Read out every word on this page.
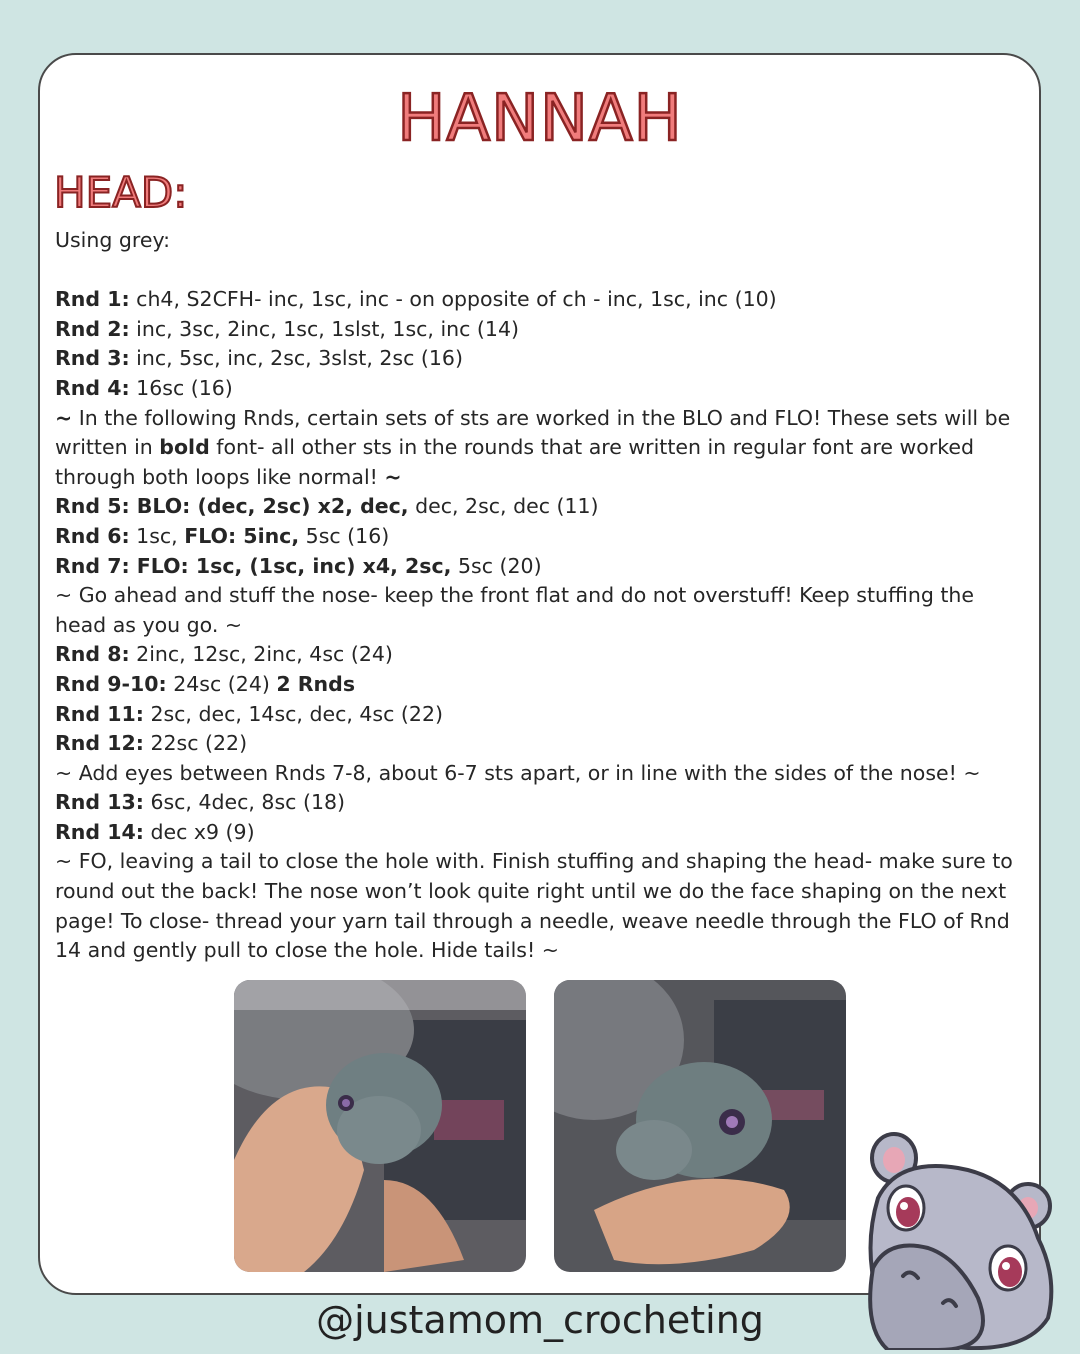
HANNAH
HEAD:

Using grey:

Rnd 1: ch4, S2CFH- inc, 1sc, inc - on opposite of ch - inc, 1sc, inc (10)

Rnd 2: inc, 3sc, 2inc, 1sc, 1slst, 1sc, inc (14)

Rnd 3: inc, 5sc, inc, 2sc, 3slst, 2sc (16)

Rnd 4: 16sc (16)

~ In the following Rnds, certain sets of sts are worked in the BLO and FLO! These sets will be written in bold font- all other sts in the rounds that are written in regular font are worked through both loops like normal! ~

Rnd 5: BLO: (dec, 2sc) x2, dec, dec, 2sc, dec (11)

Rnd 6: 1sc, FLO: 5inc, 5sc (16)

Rnd 7: FLO: 1sc, (1sc, inc) x4, 2sc, 5sc (20)

~ Go ahead and stuff the nose- keep the front flat and do not overstuff! Keep stuffing the head as you go. ~

Rnd 8: 2inc, 12sc, 2inc, 4sc (24)

Rnd 9-10: 24sc (24) 2 Rnds

Rnd 11: 2sc, dec, 14sc, dec, 4sc (22)

Rnd 12: 22sc (22)

~ Add eyes between Rnds 7-8, about 6-7 sts apart, or in line with the sides of the nose! ~

Rnd 13: 6sc, 4dec, 8sc (18)

Rnd 14: dec x9 (9)

~ FO, leaving a tail to close the hole with. Finish stuffing and shaping the head- make sure to round out the back! The nose won’t look quite right until we do the face shaping on the next page! To close- thread your yarn tail through a needle, weave needle through the FLO of Rnd 14 and gently pull to close the hole. Hide tails! ~

@justamom_crocheting
